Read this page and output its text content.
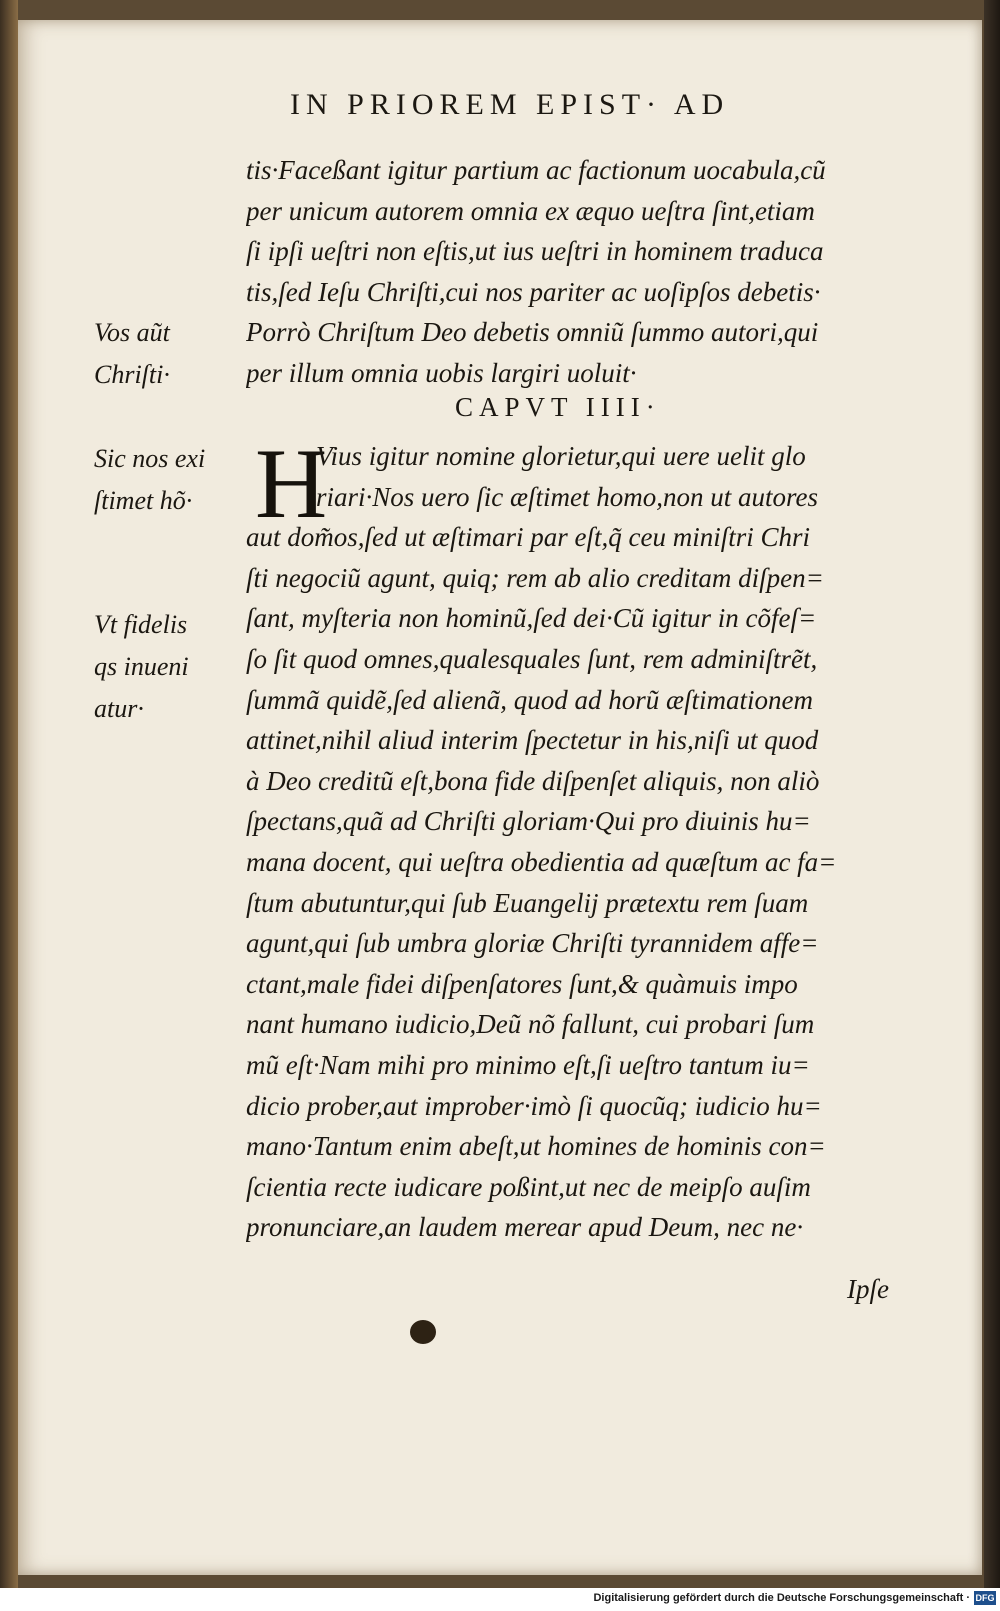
IN PRIOREM EPIST· AD
tis·Faceßant igitur partium ac factionum uocabula,cũ
per unicum autorem omnia ex æquo ueſtra ſint,etiam
ſi ipſi ueſtri non eſtis,ut ius ueſtri in hominem traduca
tis,ſed Ieſu Chriſti,cui nos pariter ac uoſipſos debetis·
Porrò Chriſtum Deo debetis omniũ ſummo autori,qui
per illum omnia uobis largiri uoluit·
CAPVT IIII·
H
Vius igitur nomine glorietur,qui uere uelit glo
riari·Nos uero ſic æſtimet homo,non ut autores
aut dom̃os,ſed ut æſtimari par eſt,q̃ ceu miniſtri Chri
ſti negociũ agunt, quiq; rem ab alio creditam diſpen=
ſant, myſteria non hominũ,ſed dei·Cũ igitur in cõfeſ=
ſo ſit quod omnes,qualesquales ſunt, rem adminiſtrẽt,
ſummã quidẽ,ſed alienã, quod ad horũ æſtimationem
attinet,nihil aliud interim ſpectetur in his,niſi ut quod
à Deo creditũ eſt,bona fide diſpenſet aliquis, non aliò
ſpectans,quã ad Chriſti gloriam·Qui pro diuinis hu=
mana docent, qui ueſtra obedientia ad quæſtum ac fa=
ſtum abutuntur,qui ſub Euangelij prætextu rem ſuam
agunt,qui ſub umbra gloriæ Chriſti tyrannidem affe=
ctant,male fidei diſpenſatores ſunt,& quàmuis impo
nant humano iudicio,Deũ nõ fallunt, cui probari ſum
mũ eſt·Nam mihi pro minimo eſt,ſi ueſtro tantum iu=
dicio prober,aut improber·imò ſi quocũq; iudicio hu=
mano·Tantum enim abeſt,ut homines de hominis con=
ſcientia recte iudicare poßint,ut nec de meipſo auſim
pronunciare,an laudem merear apud Deum, nec ne·
Vos aũt
Chriſti·
Sic nos exi
ſtimet hõ·
Vt fidelis
qs inueni
atur·
Ipſe
Digitalisierung gefördert durch die Deutsche Forschungsgemeinschaft · DFG
